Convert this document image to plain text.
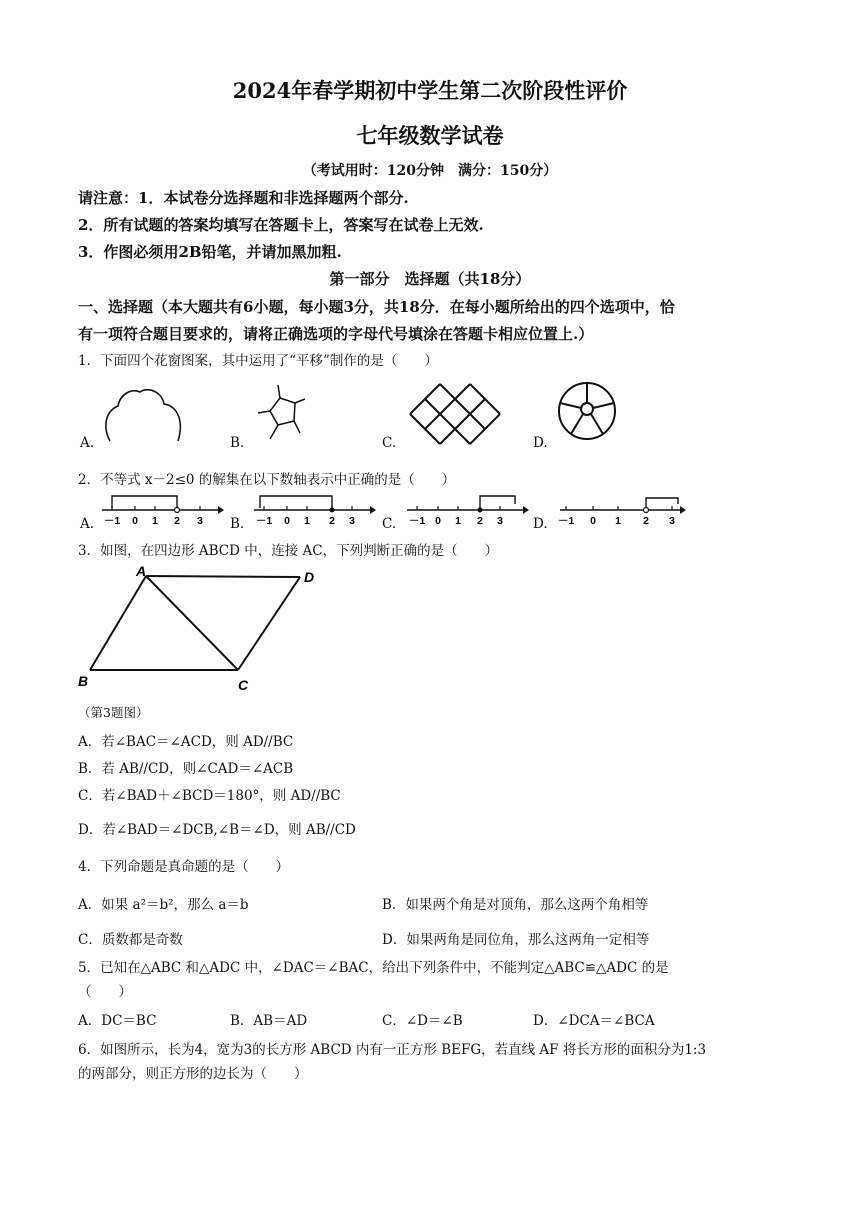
2024年春学期初中学生第二次阶段性评价
七年级数学试卷
（考试用时：120分钟　满分：150分）
请注意：1．本试卷分选择题和非选择题两个部分.
2．所有试题的答案均填写在答题卡上，答案写在试卷上无效.
3．作图必须用2B铅笔，并请加黑加粗.
第一部分　选择题（共18分）
一、选择题（本大题共有6小题，每小题3分，共18分．在每小题所给出的四个选项中，恰
有一项符合题目要求的，请将正确选项的字母代号填涂在答题卡相应位置上.）
1．下面四个花窗图案，其中运用了“平移”制作的是（　　）
A.	B.	C.	D.
2．不等式 x－2≤0 的解集在以下数轴表示中正确的是（　　）
A.	B.	C.	D.
－1 0 1 2 3	－1 0 1 2 3	－1 0 1 2 3	－1 0 1 2 3
3．如图，在四边形 ABCD 中，连接 AC，下列判断正确的是（　　）
A
B	C
D
（第3题图）
A．若∠BAC＝∠ACD，则 AD//BC
B．若 AB//CD，则∠CAD＝∠ACB
C．若∠BAD＋∠BCD＝180°，则 AD//BC
D．若∠BAD＝∠DCB,∠B＝∠D，则 AB//CD
4．下列命题是真命题的是（　　）
A．如果 a²＝b²，那么 a＝b	B．如果两个角是对顶角，那么这两个角相等
C．质数都是奇数	D．如果两角是同位角，那么这两角一定相等
5．已知在△ABC 和△ADC 中，∠DAC＝∠BAC，给出下列条件中，不能判定△ABC≌△ADC 的是
（　　）
A．DC＝BC	B．AB＝AD	C．∠D＝∠B	D．∠DCA＝∠BCA
6．如图所示，长为4，宽为3的长方形 ABCD 内有一正方形 BEFG，若直线 AF 将长方形的面积分为1:3
的两部分，则正方形的边长为（　　）
